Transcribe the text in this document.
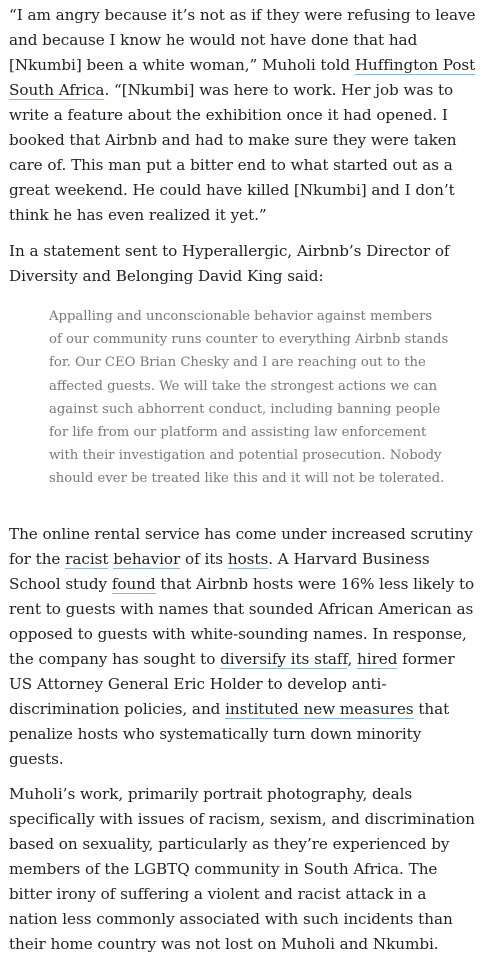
“I am angry because it’s not as if they were refusing to leave and because I know he would not have done that had [Nkumbi] been a white woman,” Muholi told Huffington Post South Africa. “[Nkumbi] was here to work. Her job was to write a feature about the exhibition once it had opened. I booked that Airbnb and had to make sure they were taken care of. This man put a bitter end to what started out as a great weekend. He could have killed [Nkumbi] and I don’t think he has even realized it yet.”

In a statement sent to Hyperallergic, Airbnb’s Director of Diversity and Belonging David King said:

Appalling and unconscionable behavior against members of our community runs counter to everything Airbnb stands for. Our CEO Brian Chesky and I are reaching out to the affected guests. We will take the strongest actions we can against such abhorrent conduct, including banning people for life from our platform and assisting law enforcement with their investigation and potential prosecution. Nobody should ever be treated like this and it will not be tolerated.

The online rental service has come under increased scrutiny for the racist behavior of its hosts. A Harvard Business School study found that Airbnb hosts were 16% less likely to rent to guests with names that sounded African American as opposed to guests with white-sounding names. In response, the company has sought to diversify its staff, hired former US Attorney General Eric Holder to develop anti-discrimination policies, and instituted new measures that penalize hosts who systematically turn down minority guests.

Muholi’s work, primarily portrait photography, deals specifically with issues of racism, sexism, and discrimination based on sexuality, particularly as they’re experienced by members of the LGBTQ community in South Africa. The bitter irony of suffering a violent and racist attack in a nation less commonly associated with such incidents than their home country was not lost on Muholi and Nkumbi.
